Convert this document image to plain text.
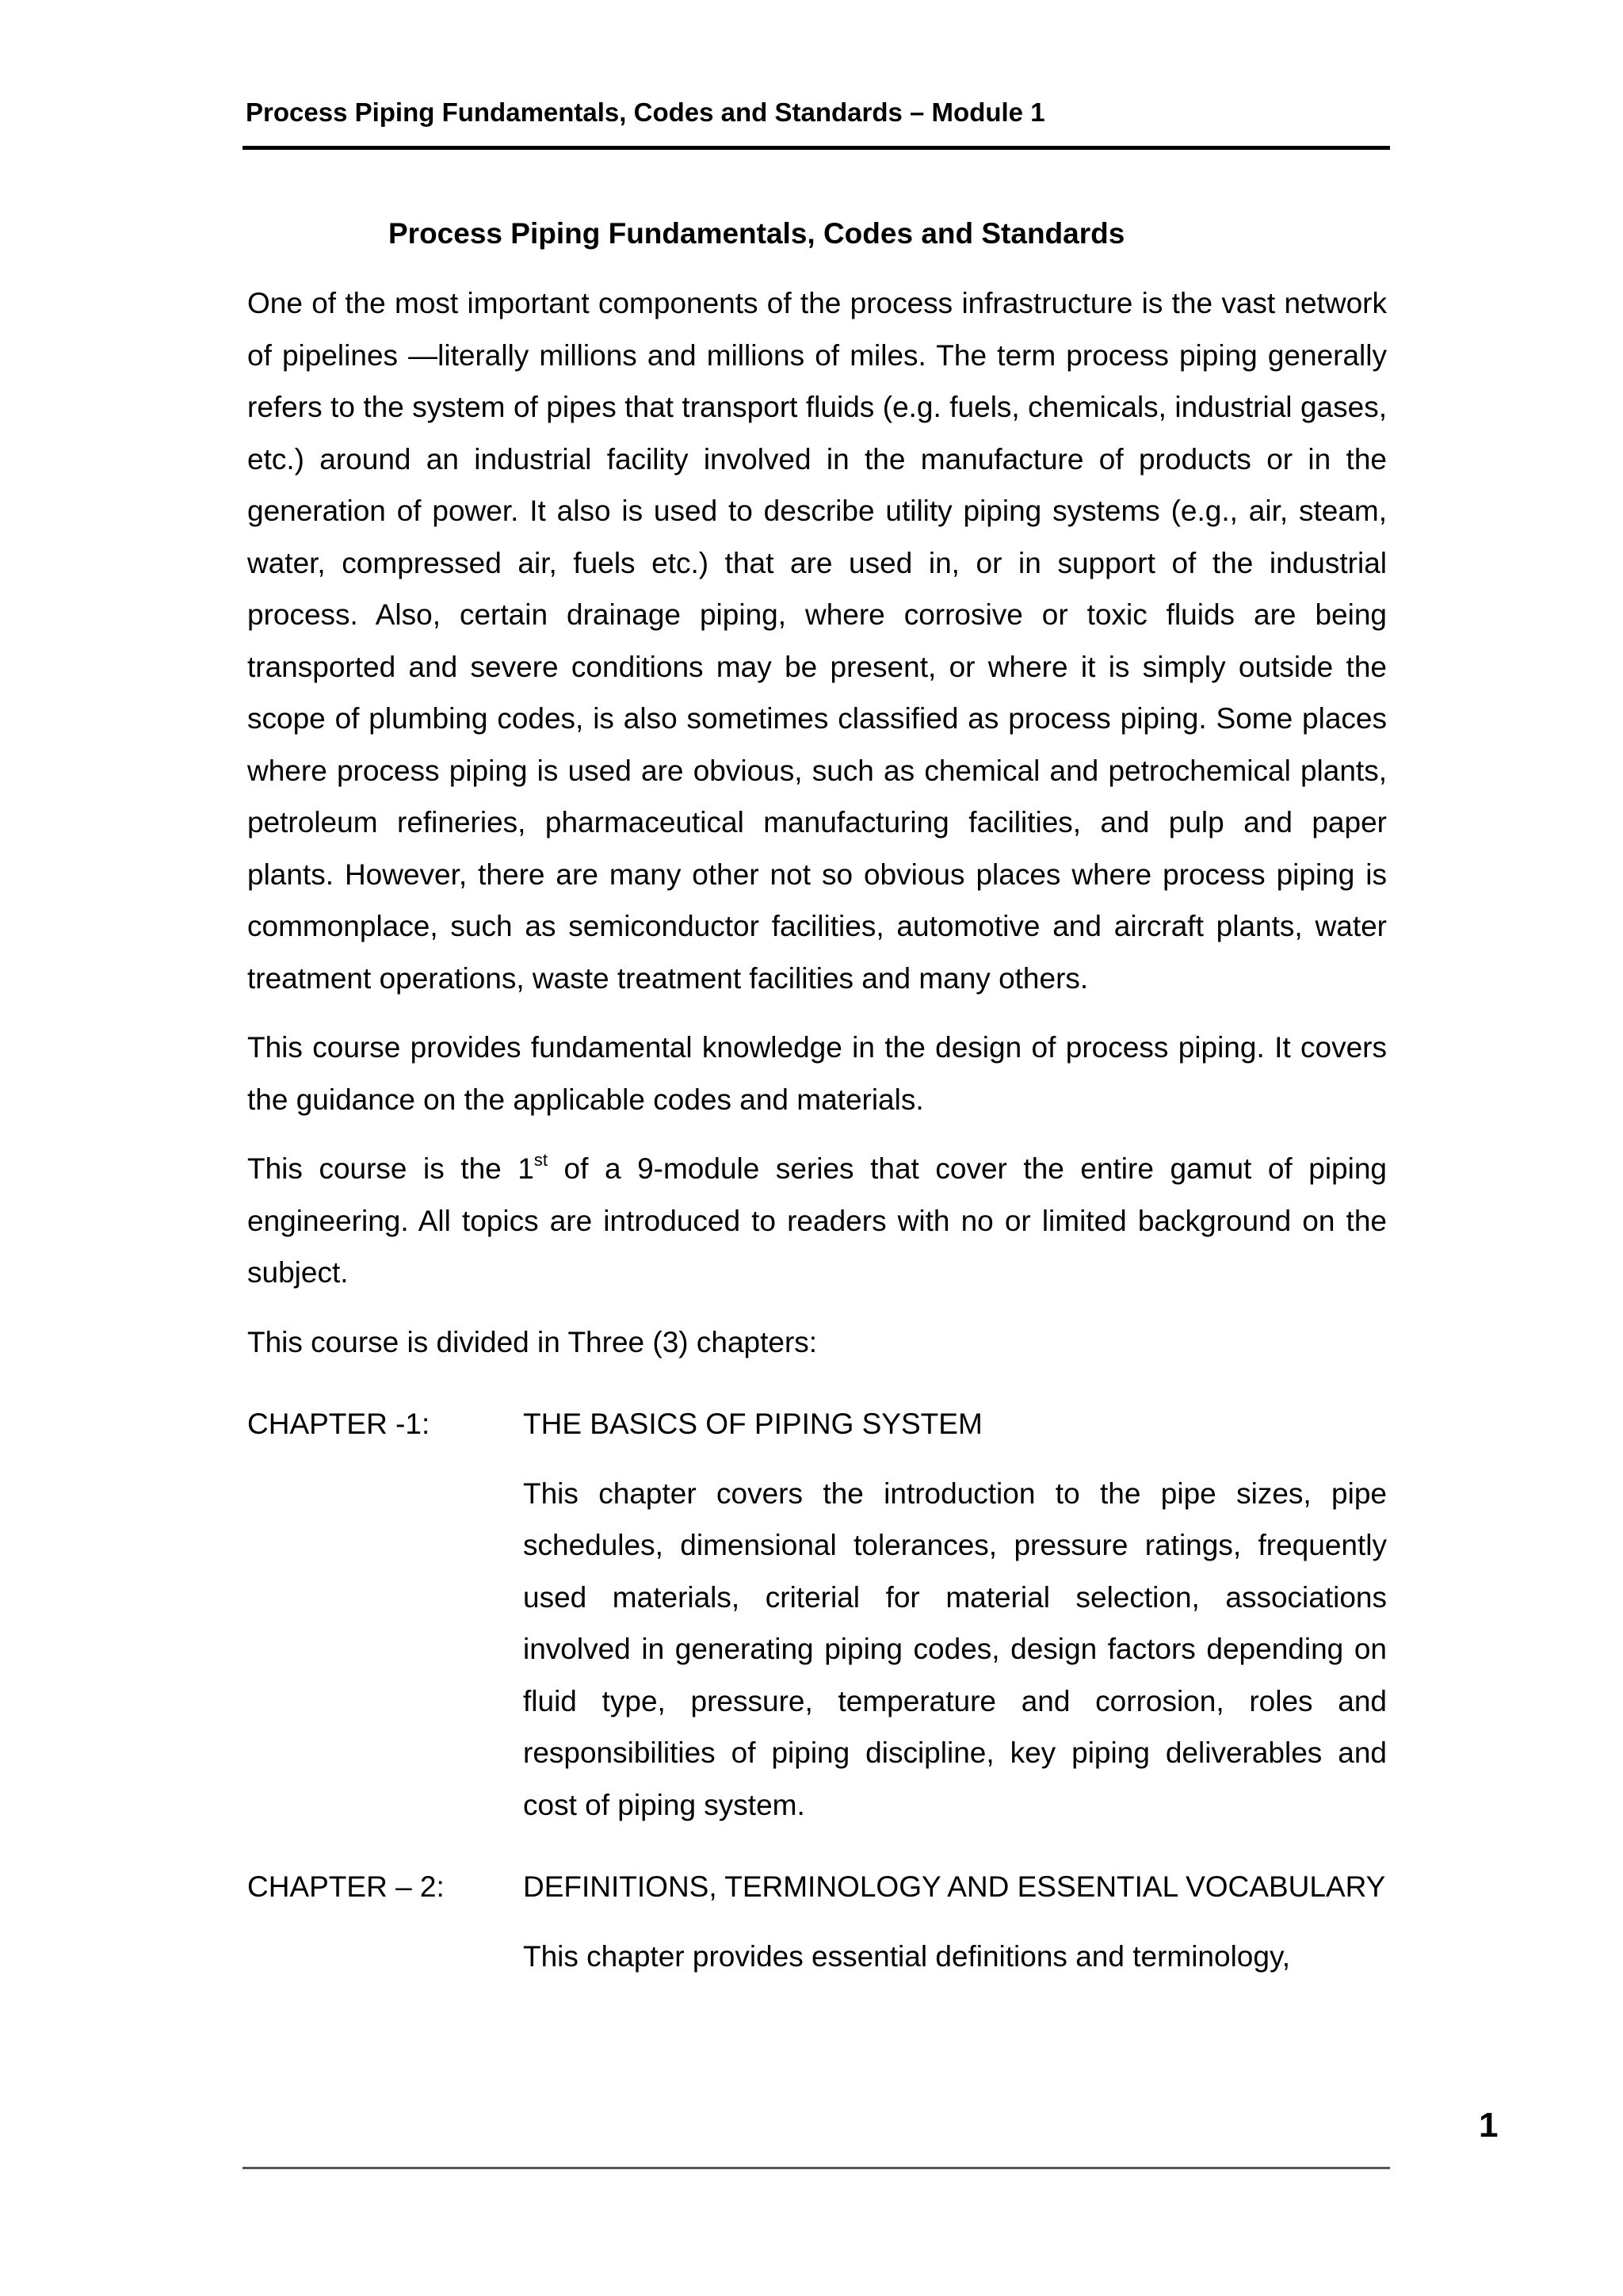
Process Piping Fundamentals, Codes and Standards – Module 1
Process Piping Fundamentals, Codes and Standards

One of the most important components of the process infrastructure is the vast network of pipelines —literally millions and millions of miles. The term process piping generally refers to the system of pipes that transport fluids (e.g. fuels, chemicals, industrial gases, etc.) around an industrial facility involved in the manufacture of products or in the generation of power. It also is used to describe utility piping systems (e.g., air, steam, water, compressed air, fuels etc.) that are used in, or in support of the industrial process. Also, certain drainage piping, where corrosive or toxic fluids are being transported and severe conditions may be present, or where it is simply outside the scope of plumbing codes, is also sometimes classified as process piping. Some places where process piping is used are obvious, such as chemical and petrochemical plants, petroleum refineries, pharmaceutical manufacturing facilities, and pulp and paper plants. However, there are many other not so obvious places where process piping is commonplace, such as semiconductor facilities, automotive and aircraft plants, water treatment operations, waste treatment facilities and many others.

This course provides fundamental knowledge in the design of process piping. It covers the guidance on the applicable codes and materials.

This course is the 1st of a 9-module series that cover the entire gamut of piping engineering. All topics are introduced to readers with no or limited background on the subject.

This course is divided in Three (3) chapters:

CHAPTER -1:	THE BASICS OF PIPING SYSTEM

This chapter covers the introduction to the pipe sizes, pipe schedules, dimensional tolerances, pressure ratings, frequently used materials, criterial for material selection, associations involved in generating piping codes, design factors depending on fluid type, pressure, temperature and corrosion, roles and responsibilities of piping discipline, key piping deliverables and cost of piping system.

CHAPTER – 2:	DEFINITIONS, TERMINOLOGY AND ESSENTIAL VOCABULARY

This chapter provides essential definitions and terminology,

1
